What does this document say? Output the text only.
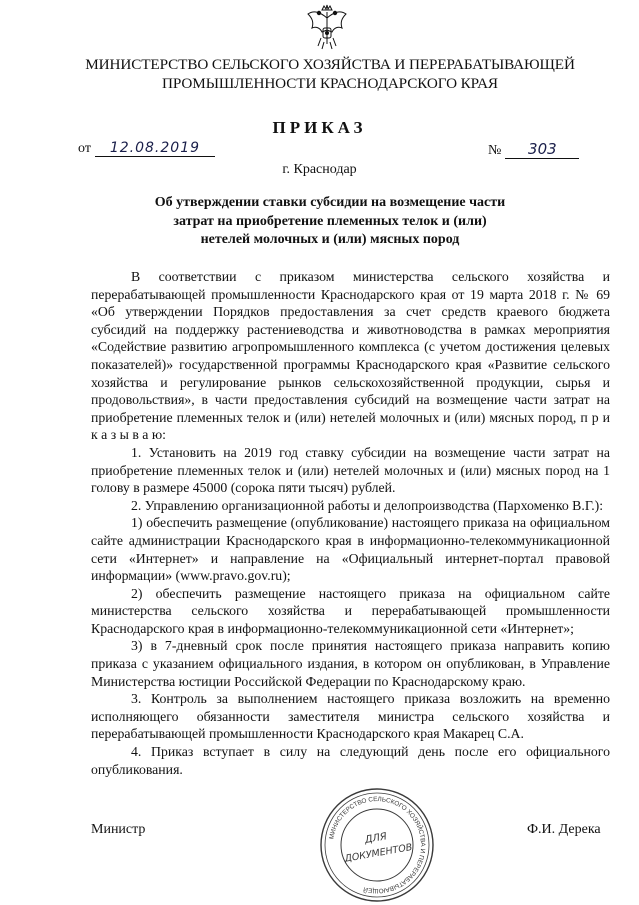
МИНИСТЕРСТВО СЕЛЬСКОГО ХОЗЯЙСТВА И ПЕРЕРАБАТЫВАЮЩЕЙ
ПРОМЫШЛЕННОСТИ КРАСНОДАРСКОГО КРАЯ
ПРИКАЗ
от 12.08.2019	№ 303
г. Краснодар
Об утверждении ставки субсидии на возмещение части
затрат на приобретение племенных телок и (или)
нетелей молочных и (или) мясных пород

В соответствии с приказом министерства сельского хозяйства и перерабатывающей промышленности Краснодарского края от 19 марта 2018 г. № 69 «Об утверждении Порядков предоставления за счет средств краевого бюджета субсидий на поддержку растениеводства и животноводства в рамках мероприятия «Содействие развитию агропромышленного комплекса (с учетом достижения целевых показателей)» государственной программы Краснодарского края «Развитие сельского хозяйства и регулирование рынков сельскохозяйственной продукции, сырья и продовольствия», в части предоставления субсидий на возмещение части затрат на приобретение племенных телок и (или) нетелей молочных и (или) мясных пород, п р и к а з ы в а ю:

1. Установить на 2019 год ставку субсидии на возмещение части затрат на приобретение племенных телок и (или) нетелей молочных и (или) мясных пород на 1 голову в размере 45000 (сорока пяти тысяч) рублей.

2. Управлению организационной работы и делопроизводства (Пархоменко В.Г.):

1) обеспечить размещение (опубликование) настоящего приказа на официальном сайте администрации Краснодарского края в информационно-телекоммуникационной сети «Интернет» и направление на «Официальный интернет-портал правовой информации» (www.pravo.gov.ru);

2) обеспечить размещение настоящего приказа на официальном сайте министерства сельского хозяйства и перерабатывающей промышленности Краснодарского края в информационно-телекоммуникационной сети «Интернет»;

3) в 7-дневный срок после принятия настоящего приказа направить копию приказа с указанием официального издания, в котором он опубликован, в Управление Министерства юстиции Российской Федерации по Краснодарскому краю.

3. Контроль за выполнением настоящего приказа возложить на временно исполняющего обязанности заместителя министра сельского хозяйства и перерабатывающей промышленности Краснодарского края Макарец С.А.

4. Приказ вступает в силу на следующий день после его официального опубликования.

Министр	Ф.И. Дерека
МИНИСТЕРСТВО СЕЛЬСКОГО ХОЗЯЙСТВА И ПЕРЕРАБАТЫВАЮЩЕЙ
ДЛЯ
ДОКУМЕНТОВ
